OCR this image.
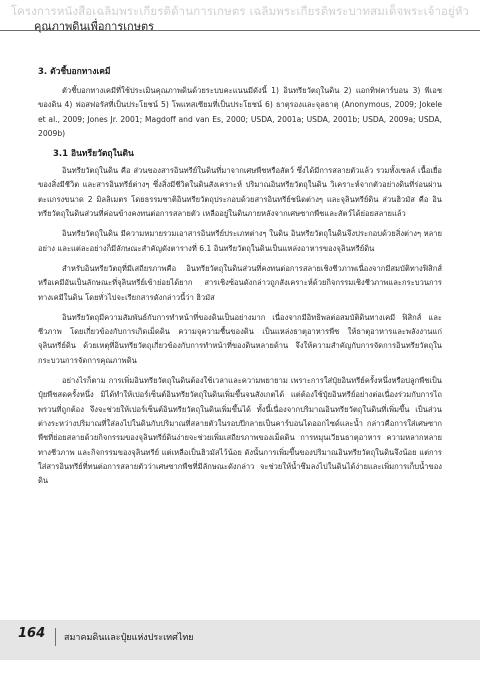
โครงการหนังสือเฉลิมพระเกียรติด้านการเกษตร เฉลิมพระเกียรติพระบาทสมเด็จพระเจ้าอยู่หัว
คุณภาพดินเพื่อการเกษตร
3. ตัวชี้บอกทางเคมี

ตัวชี้บอกทางเคมีที่ใช้ประเมินคุณภาพดินด้วยระบบคะแนนมีดังนี้ 1) อินทรียวัตถุในดิน 2) แอกทิฟคาร์บอน 3) พีเอชของดิน 4) ฟอสฟอรัสที่เป็นประโยชน์ 5) โพแทสเซียมที่เป็นประโยชน์ 6) ธาตุรองและจุลธาตุ (Anonymous, 2009; Jokele et al., 2009; Jones Jr. 2001; Magdoff and van Es, 2000; USDA, 2001a; USDA, 2001b; USDA, 2009a; USDA, 2009b)

3.1 อินทรียวัตถุในดิน

อินทรียวัตถุในดิน คือ ส่วนของสารอินทรีย์ในดินที่มาจากเศษพืชหรือสัตว์ ซึ่งได้มีการสลายตัวแล้ว รวมทั้งเซลล์ เนื้อเยื่อของสิ่งมีชีวิต และสารอินทรีย์ต่างๆ ซึ่งสิ่งมีชีวิตในดินสังเคราะห์ ปริมาณอินทรียวัตถุในดิน วิเคราะห์จากตัวอย่างดินที่ร่อนผ่านตะแกรงขนาด 2 มิลลิเมตร โดยธรรมชาติอินทรียวัตถุประกอบด้วยสารอินทรีย์ชนิดต่างๆ และจุลินทรีย์ดิน ส่วนฮิวมัส คือ อินทรียวัตถุในดินส่วนที่ค่อนข้างคงทนต่อการสลายตัว เหลืออยู่ในดินภายหลังจากเศษซากพืชและสัตว์ได้ย่อยสลายแล้ว

อินทรียวัตถุในดิน มีความหมายรวมเอาสารอินทรีย์ประเภทต่างๆ ในดิน อินทรียวัตถุในดินจึงประกอบด้วยสิ่งต่างๆ หลายอย่าง และแต่ละอย่างก็มีลักษณะสำคัญดังตารางที่ 6.1 อินทรียวัตถุในดินเป็นแหล่งอาหารของจุลินทรีย์ดิน

สำหรับอินทรียวัตถุที่มีเสถียรภาพคือ อินทรียวัตถุในดินส่วนที่คงทนต่อการสลายเชิงชีวภาพเนื่องจากมีสมบัติทางฟิสิกส์หรือเคมีอันเป็นลักษณะที่จุลินทรีย์เข้าย่อยได้ยาก สารเชิงซ้อนดังกล่าวถูกสังเคราะห์ด้วยกิจกรรมเชิงชีวภาพและกระบวนการทางเคมีในดิน โดยทั่วไปจะเรียกสารดังกล่าวนี้ว่า ฮิวมัส

อินทรียวัตถุมีความสัมพันธ์กับการทำหน้าที่ของดินเป็นอย่างมาก เนื่องจากมีอิทธิพลต่อสมบัติดินทางเคมี ฟิสิกส์ และชีวภาพ โดยเกี่ยวข้องกับการเกิดเม็ดดิน ความจุความชื้นของดิน เป็นแหล่งธาตุอาหารพืช ให้ธาตุอาหารและพลังงานแก่จุลินทรีย์ดิน ด้วยเหตุที่อินทรียวัตถุเกี่ยวข้องกับการทำหน้าที่ของดินหลายด้าน จึงให้ความสำคัญกับการจัดการอินทรียวัตถุในกระบวนการจัดการคุณภาพดิน

อย่างไรก็ตาม การเพิ่มอินทรียวัตถุในดินต้องใช้เวลาและความพยายาม เพราะการใส่ปุ๋ยอินทรีย์ครั้งหนึ่งหรือปลูกพืชเป็นปุ๋ยพืชสดครั้งหนึ่ง มิได้ทำให้เปอร์เซ็นต์อินทรียวัตถุในดินเพิ่มขึ้นจนสังเกตได้ แต่ต้องใช้ปุ๋ยอินทรีย์อย่างต่อเนื่องร่วมกับการไถพรวนที่ถูกต้อง จึงจะช่วยให้เปอร์เซ็นต์อินทรียวัตถุในดินเพิ่มขึ้นได้ ทั้งนี้เนื่องจากปริมาณอินทรียวัตถุในดินที่เพิ่มขึ้น เป็นส่วนต่างระหว่างปริมาณที่ใส่ลงไปในดินกับปริมาณที่สลายตัวในรอบปีกลายเป็นคาร์บอนไดออกไซด์และน้ำ กล่าวคือการใส่เศษซากพืชที่ย่อยสลายด้วยกิจกรรมของจุลินทรีย์ดินง่ายจะช่วยเพิ่มเสถียรภาพของเม็ดดิน การหมุนเวียนธาตุอาหาร ความหลากหลายทางชีวภาพ และกิจกรรมของจุลินทรีย์ แต่เหลือเป็นฮิวมัสไว้น้อย ดังนั้นการเพิ่มขึ้นของปริมาณอินทรียวัตถุในดินจึงน้อย แต่การใส่สารอินทรีย์ที่ทนต่อการสลายตัวว่าเศษซากพืชที่มีลักษณะดังกล่าว จะช่วยให้น้ำซึมลงไปในดินได้ง่ายและเพิ่มการเก็บน้ำของดิน

164 สมาคมดินและปุ๋ยแห่งประเทศไทย
